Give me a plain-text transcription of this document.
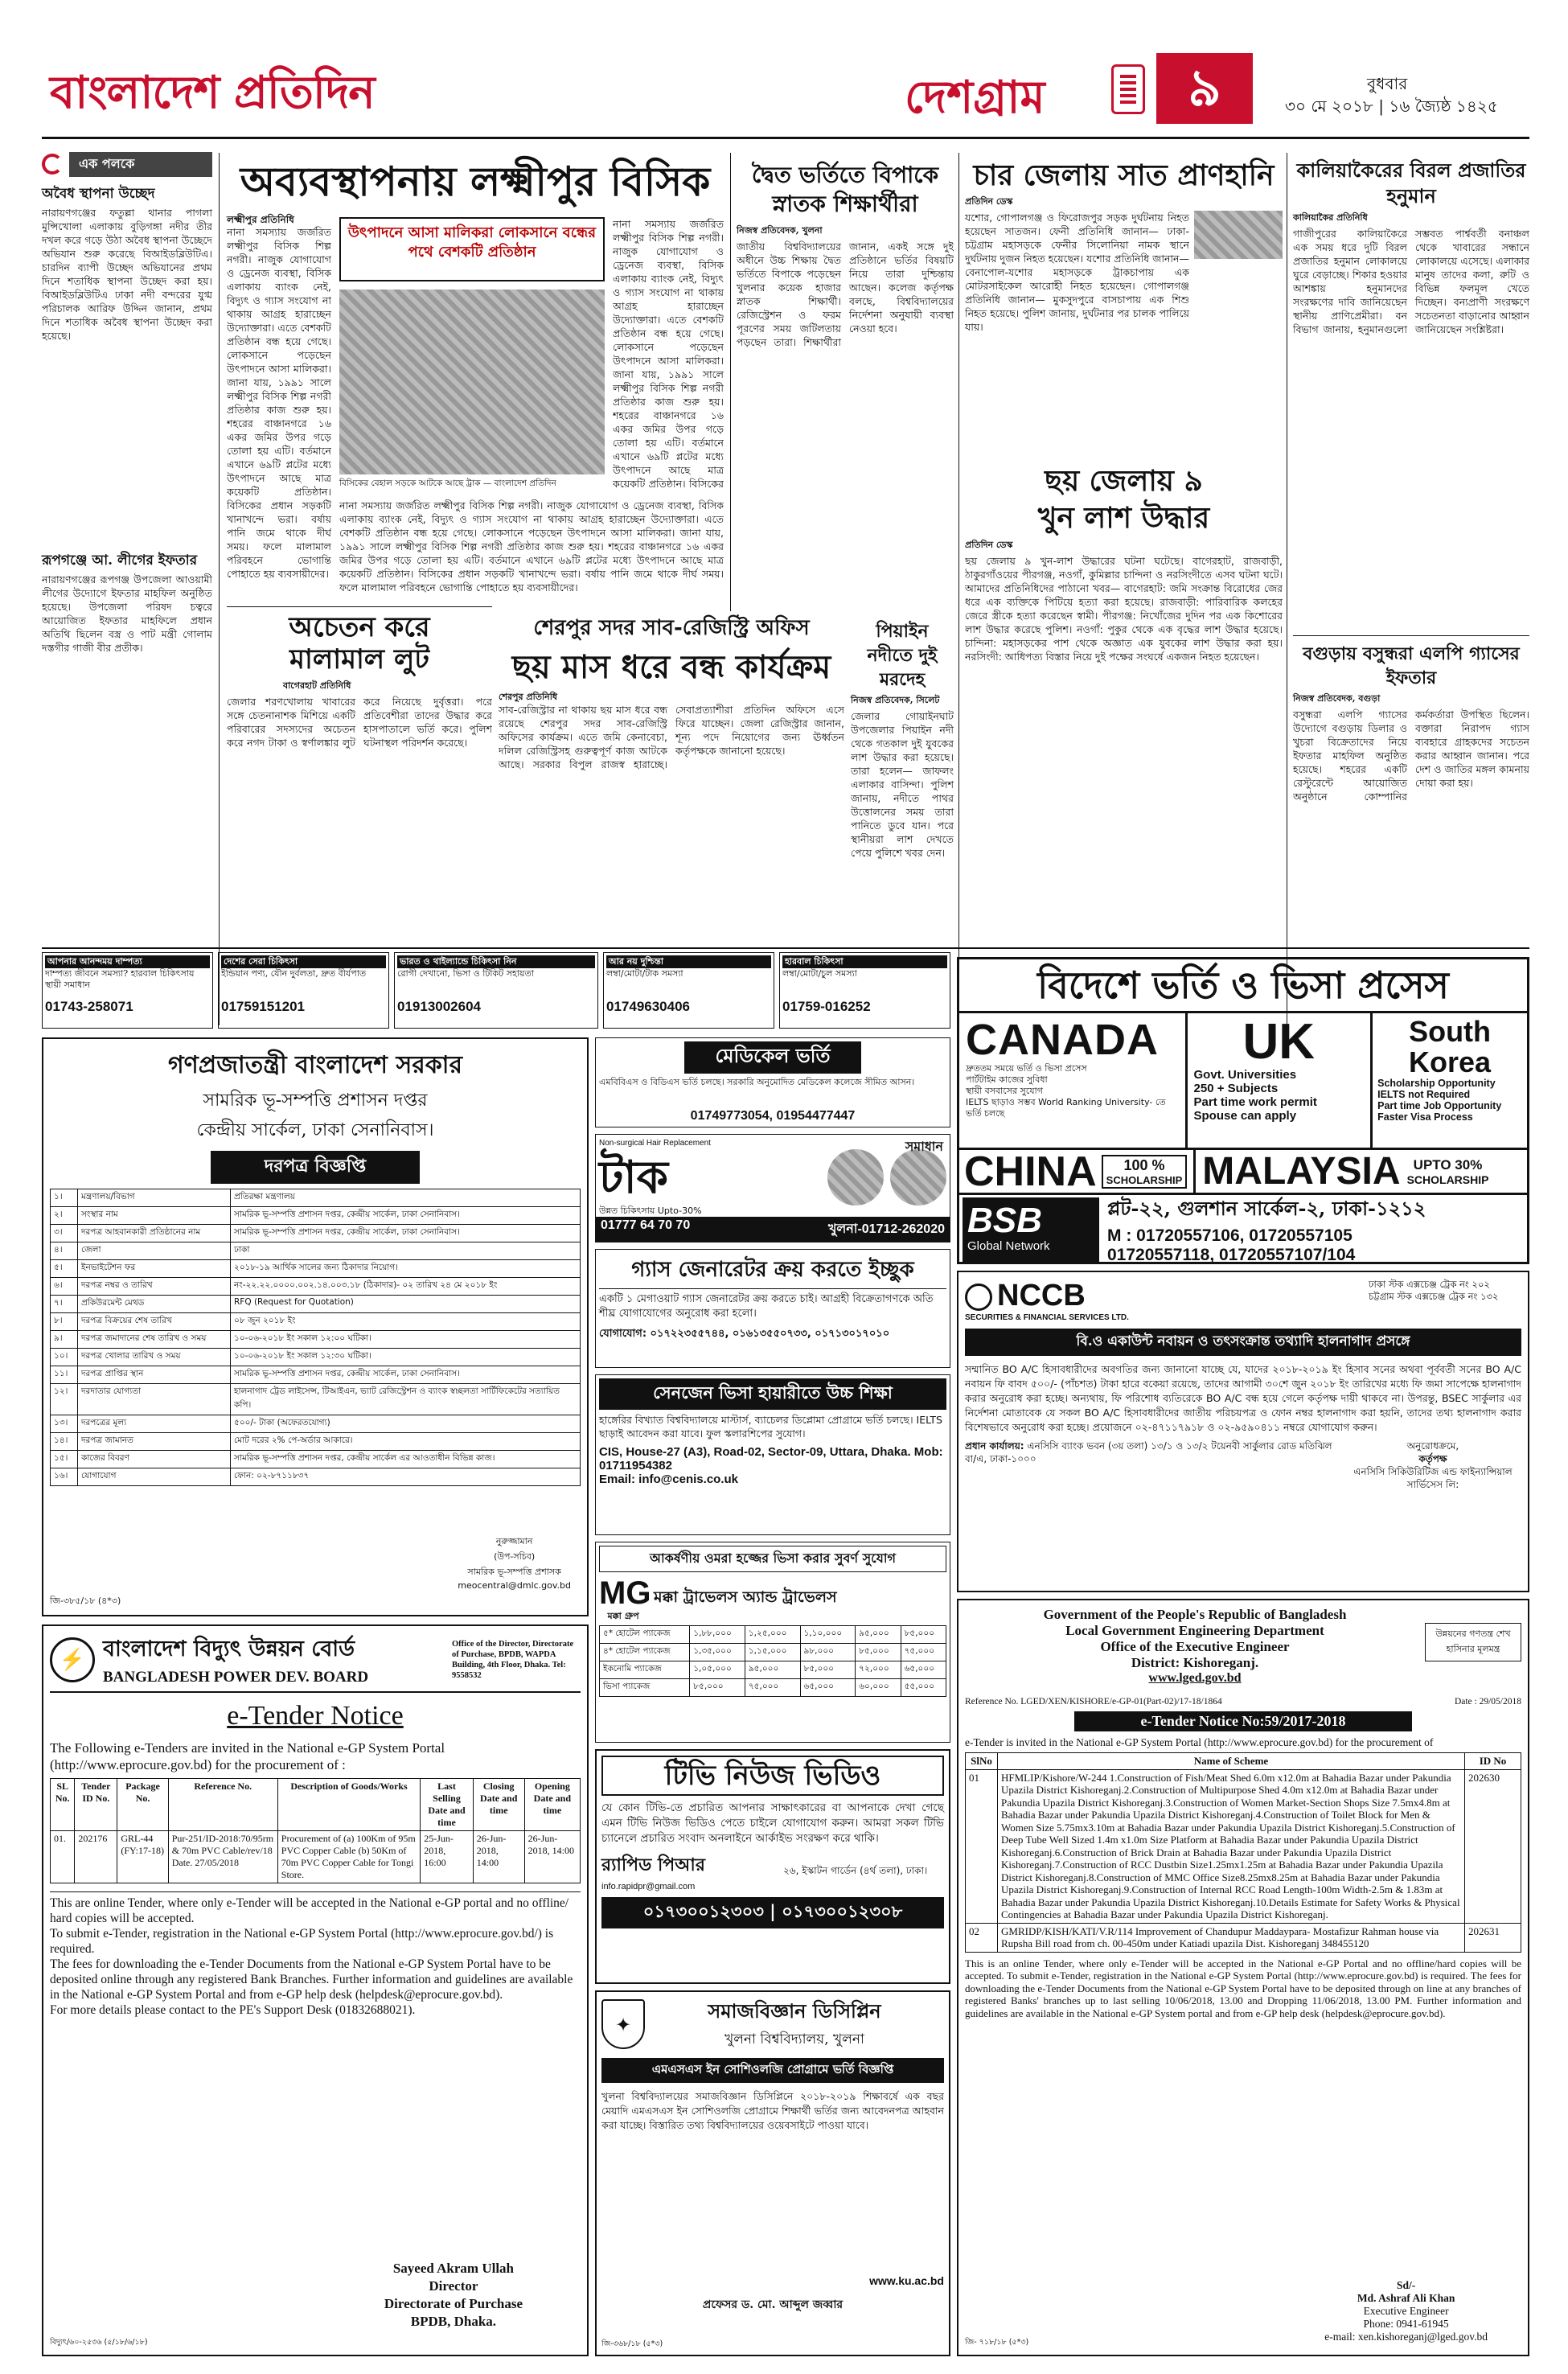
বাংলাদেশ প্রতিদিন	দেশগ্রাম	৯	বুধবার
৩০ মে ২০১৮ | ১৬ জ্যৈষ্ঠ ১৪২৫
এক পলকে
অবৈধ স্থাপনা উচ্ছেদ
নারায়ণগঞ্জের ফতুল্লা থানার পাগলা মুন্সিখোলা এলাকায় বুড়িগঙ্গা নদীর তীর দখল করে গড়ে উঠা অবৈধ স্থাপনা উচ্ছেদে অভিযান শুরু করেছে বিআইডব্লিউটিএ। চারদিন ব্যাপী উচ্ছেদ অভিযানের প্রথম দিনে শতাধিক স্থাপনা উচ্ছেদ করা হয়। বিআইডব্লিউটিএ ঢাকা নদী বন্দরের যুগ্ম পরিচালক আরিফ উদ্দিন জানান, প্রথম দিনে শতাধিক অবৈধ স্থাপনা উচ্ছেদ করা হয়েছে।
রূপগঞ্জে আ. লীগের ইফতার
নারায়ণগঞ্জের রূপগঞ্জ উপজেলা আওয়ামী লীগের উদ্যোগে ইফতার মাহফিল অনুষ্ঠিত হয়েছে। উপজেলা পরিষদ চত্বরে আয়োজিত ইফতার মাহফিলে প্রধান অতিথি ছিলেন বস্ত্র ও পাট মন্ত্রী গোলাম দস্তগীর গাজী বীর প্রতীক।
অব্যবস্থাপনায় লক্ষ্মীপুর বিসিক
লক্ষ্মীপুর প্রতিনিধি
নানা সমস্যায় জর্জরিত লক্ষ্মীপুর বিসিক শিল্প নগরী। নাজুক যোগাযোগ ও ড্রেনেজ ব্যবস্থা, বিসিক এলাকায় ব্যাংক নেই, বিদ্যুৎ ও গ্যাস সংযোগ না থাকায় আগ্রহ হারাচ্ছেন উদ্যোক্তারা। এতে বেশকটি প্রতিষ্ঠান বন্ধ হয়ে গেছে। লোকসানে পড়েছেন উৎপাদনে আসা মালিকরা। জানা যায়, ১৯৯১ সালে লক্ষ্মীপুর বিসিক শিল্প নগরী প্রতিষ্ঠার কাজ শুরু হয়। শহরের বাঞ্চানগরে ১৬ একর জমির উপর গড়ে তোলা হয় এটি। বর্তমানে এখানে ৬৯টি প্লটের মধ্যে উৎপাদনে আছে মাত্র কয়েকটি প্রতিষ্ঠান। বিসিকের প্রধান সড়কটি খানাখন্দে ভরা। বর্ষায় পানি জমে থাকে দীর্ঘ সময়। ফলে মালামাল পরিবহনে ভোগান্তি পোহাতে হয় ব্যবসায়ীদের।
উৎপাদনে আসা মালিকরা লোকসানে বন্ধের পথে বেশকটি প্রতিষ্ঠান
বিসিকের বেহাল সড়কে আটকে আছে ট্রাক — বাংলাদেশ প্রতিদিন
নানা সমস্যায় জর্জরিত লক্ষ্মীপুর বিসিক শিল্প নগরী। নাজুক যোগাযোগ ও ড্রেনেজ ব্যবস্থা, বিসিক এলাকায় ব্যাংক নেই, বিদ্যুৎ ও গ্যাস সংযোগ না থাকায় আগ্রহ হারাচ্ছেন উদ্যোক্তারা। এতে বেশকটি প্রতিষ্ঠান বন্ধ হয়ে গেছে। লোকসানে পড়েছেন উৎপাদনে আসা মালিকরা। জানা যায়, ১৯৯১ সালে লক্ষ্মীপুর বিসিক শিল্প নগরী প্রতিষ্ঠার কাজ শুরু হয়। শহরের বাঞ্চানগরে ১৬ একর জমির উপর গড়ে তোলা হয় এটি। বর্তমানে এখানে ৬৯টি প্লটের মধ্যে উৎপাদনে আছে মাত্র কয়েকটি প্রতিষ্ঠান। বিসিকের
নানা সমস্যায় জর্জরিত লক্ষ্মীপুর বিসিক শিল্প নগরী। নাজুক যোগাযোগ ও ড্রেনেজ ব্যবস্থা, বিসিক এলাকায় ব্যাংক নেই, বিদ্যুৎ ও গ্যাস সংযোগ না থাকায় আগ্রহ হারাচ্ছেন উদ্যোক্তারা। এতে বেশকটি প্রতিষ্ঠান বন্ধ হয়ে গেছে। লোকসানে পড়েছেন উৎপাদনে আসা মালিকরা। জানা যায়, ১৯৯১ সালে লক্ষ্মীপুর বিসিক শিল্প নগরী প্রতিষ্ঠার কাজ শুরু হয়। শহরের বাঞ্চানগরে ১৬ একর জমির উপর গড়ে তোলা হয় এটি। বর্তমানে এখানে ৬৯টি প্লটের মধ্যে উৎপাদনে আছে মাত্র কয়েকটি প্রতিষ্ঠান। বিসিকের প্রধান সড়কটি খানাখন্দে ভরা। বর্ষায় পানি জমে থাকে দীর্ঘ সময়। ফলে মালামাল পরিবহনে ভোগান্তি পোহাতে হয় ব্যবসায়ীদের।
অচেতন করে মালামাল লুট
বাগেরহাট প্রতিনিধি
জেলার শরণখোলায় খাবারের সঙ্গে চেতনানাশক মিশিয়ে একটি পরিবারের সদস্যদের অচেতন করে নগদ টাকা ও স্বর্ণালঙ্কার লুট করে নিয়েছে দুর্বৃত্তরা। পরে প্রতিবেশীরা তাদের উদ্ধার করে হাসপাতালে ভর্তি করে। পুলিশ ঘটনাস্থল পরিদর্শন করেছে।
শেরপুর সদর সাব-রেজিস্ট্রি অফিস
ছয় মাস ধরে বন্ধ কার্যক্রম
শেরপুর প্রতিনিধি
সাব-রেজিস্ট্রার না থাকায় ছয় মাস ধরে বন্ধ রয়েছে শেরপুর সদর সাব-রেজিস্ট্রি অফিসের কার্যক্রম। এতে জমি কেনাবেচা, দলিল রেজিস্ট্রিসহ গুরুত্বপূর্ণ কাজ আটকে আছে। সরকার বিপুল রাজস্ব হারাচ্ছে। সেবাপ্রত্যাশীরা প্রতিদিন অফিসে এসে ফিরে যাচ্ছেন। জেলা রেজিস্ট্রার জানান, শূন্য পদে নিয়োগের জন্য ঊর্ধ্বতন কর্তৃপক্ষকে জানানো হয়েছে।
দ্বৈত ভর্তিতে বিপাকে স্নাতক শিক্ষার্থীরা
নিজস্ব প্রতিবেদক, খুলনা
জাতীয় বিশ্ববিদ্যালয়ের অধীনে উচ্চ শিক্ষায় দ্বৈত ভর্তিতে বিপাকে পড়েছেন খুলনার কয়েক হাজার স্নাতক শিক্ষার্থী। রেজিস্ট্রেশন ও ফরম পূরণের সময় জটিলতায় পড়ছেন তারা। শিক্ষার্থীরা জানান, একই সঙ্গে দুই প্রতিষ্ঠানে ভর্তির বিষয়টি নিয়ে তারা দুশ্চিন্তায় আছেন। কলেজ কর্তৃপক্ষ বলছে, বিশ্ববিদ্যালয়ের নির্দেশনা অনুযায়ী ব্যবস্থা নেওয়া হবে।
পিয়াইন নদীতে দুই মরদেহ
নিজস্ব প্রতিবেদক, সিলেট
জেলার গোয়াইনঘাট উপজেলার পিয়াইন নদী থেকে গতকাল দুই যুবকের লাশ উদ্ধার করা হয়েছে। তারা হলেন— জাফলং এলাকার বাসিন্দা। পুলিশ জানায়, নদীতে পাথর উত্তোলনের সময় তারা পানিতে ডুবে যান। পরে স্থানীয়রা লাশ দেখতে পেয়ে পুলিশে খবর দেন।
চার জেলায় সাত প্রাণহানি
প্রতিদিন ডেস্ক
যশোর, গোপালগঞ্জ ও ফিরোজপুর সড়ক দুর্ঘটনায় নিহত হয়েছেন সাতজন। ফেনী প্রতিনিধি জানান— ঢাকা-চট্টগ্রাম মহাসড়কে ফেনীর সিলোনিয়া নামক স্থানে দুর্ঘটনায় দুজন নিহত হয়েছেন। যশোর প্রতিনিধি জানান— বেনাপোল-যশোর মহাসড়কে ট্রাকচাপায় এক মোটরসাইকেল আরোহী নিহত হয়েছেন। গোপালগঞ্জ প্রতিনিধি জানান— মুকসুদপুরে বাসচাপায় এক শিশু নিহত হয়েছে। পুলিশ জানায়, দুর্ঘটনার পর চালক পালিয়ে যায়।
ছয় জেলায় ৯ খুন লাশ উদ্ধার
প্রতিদিন ডেস্ক
ছয় জেলায় ৯ খুন-লাশ উদ্ধারের ঘটনা ঘটেছে। বাগেরহাট, রাজবাড়ী, ঠাকুরগাঁওয়ের পীরগঞ্জ, নওগাঁ, কুমিল্লার চান্দিনা ও নরসিংদীতে এসব ঘটনা ঘটে। আমাদের প্রতিনিধিদের পাঠানো খবর— বাগেরহাট: জমি সংক্রান্ত বিরোধের জের ধরে এক ব্যক্তিকে পিটিয়ে হত্যা করা হয়েছে। রাজবাড়ী: পারিবারিক কলহের জেরে স্ত্রীকে হত্যা করেছেন স্বামী। পীরগঞ্জ: নিখোঁজের দুদিন পর এক কিশোরের লাশ উদ্ধার করেছে পুলিশ। নওগাঁ: পুকুর থেকে এক বৃদ্ধের লাশ উদ্ধার হয়েছে। চান্দিনা: মহাসড়কের পাশ থেকে অজ্ঞাত এক যুবকের লাশ উদ্ধার করা হয়। নরসিংদী: আধিপত্য বিস্তার নিয়ে দুই পক্ষের সংঘর্ষে একজন নিহত হয়েছেন।
কালিয়াকৈরের বিরল প্রজাতির হনুমান
কালিয়াকৈর প্রতিনিধি
গাজীপুরের কালিয়াকৈরে এক সময় ধরে দুটি বিরল প্রজাতির হনুমান লোকালয়ে ঘুরে বেড়াচ্ছে। শিকার হওয়ার আশঙ্কায় হনুমানদের সংরক্ষণের দাবি জানিয়েছেন স্থানীয় প্রাণিপ্রেমীরা। বন বিভাগ জানায়, হনুমানগুলো সম্ভবত পার্শ্ববর্তী বনাঞ্চল থেকে খাবারের সন্ধানে লোকালয়ে এসেছে। এলাকার মানুষ তাদের কলা, রুটি ও বিভিন্ন ফলমূল খেতে দিচ্ছেন। বন্যপ্রাণী সংরক্ষণে সচেতনতা বাড়ানোর আহ্বান জানিয়েছেন সংশ্লিষ্টরা।
বগুড়ায় বসুন্ধরা এলপি গ্যাসের ইফতার
নিজস্ব প্রতিবেদক, বগুড়া
বসুন্ধরা এলপি গ্যাসের উদ্যোগে বগুড়ায় ডিলার ও খুচরা বিক্রেতাদের নিয়ে ইফতার মাহফিল অনুষ্ঠিত হয়েছে। শহরের একটি রেস্টুরেন্টে আয়োজিত অনুষ্ঠানে কোম্পানির কর্মকর্তারা উপস্থিত ছিলেন। বক্তারা নিরাপদ গ্যাস ব্যবহারে গ্রাহকদের সচেতন করার আহ্বান জানান। পরে দেশ ও জাতির মঙ্গল কামনায় দোয়া করা হয়।
আপনার আনন্দময় দাম্পত্য
দাম্পত্য জীবনে সমস্যা? হারবাল চিকিৎসায় স্থায়ী সমাধান
01743-258071
দেশের সেরা চিকিৎসা
ইন্ডিয়ান পণ্য, যৌন দুর্বলতা, দ্রুত বীর্যপাত
01759151201
ভারত ও থাইল্যান্ডে চিকিৎসা নিন
রোগী দেখানো, ভিসা ও টিকিট সহায়তা
01913002604
আর নয় দুশ্চিন্তা
লম্বা/মোটা/টাক সমস্যা
01749630406
হারবাল চিকিৎসা
লম্বা/মোটা/চুল সমস্যা
01759-016252	বিদেশে ভর্তি ও ভিসা প্রসেস
CANADA
দ্রুততম সময়ে ভর্তি ও ভিসা প্রসেস
পার্টটাইম কাজের সুবিধা
স্থায়ী বসবাসের সুযোগ
IELTS ছাড়াও সম্ভব World Ranking University- তে ভর্তি চলছে
UK
Govt. Universities
250 + Subjects
Part time work permit
Spouse can apply
South
Korea
Scholarship Opportunity
IELTS not Required
Part time Job Opportunity
Faster Visa Process
CHINA	100 %
SCHOLARSHIP MALAYSIA UPTO 30%
SCHOLARSHIP
BSB
Global Network
প্লট-২২, গুলশান সার্কেল-২, ঢাকা-১২১২
M : 01720557106, 01720557105
01720557118, 01720557107/104
গণপ্রজাতন্ত্রী বাংলাদেশ সরকার
সামরিক ভূ-সম্পত্তি প্রশাসন দপ্তর
কেন্দ্রীয় সার্কেল, ঢাকা সেনানিবাস।
দরপত্র বিজ্ঞপ্তি
১।	মন্ত্রণালয়/বিভাগ	প্রতিরক্ষা মন্ত্রণালয়
২।	সংস্থার নাম	সামরিক ভূ-সম্পত্তি প্রশাসন দপ্তর, কেন্দ্রীয় সার্কেল, ঢাকা সেনানিবাস।
৩।	দরপত্র আহবানকারী প্রতিষ্ঠানের নাম	সামরিক ভূ-সম্পত্তি প্রশাসন দপ্তর, কেন্দ্রীয় সার্কেল, ঢাকা সেনানিবাস।
৪।	জেলা	ঢাকা
৫।	ইনভাইটেশন ফর	২০১৮-১৯ আর্থিক সালের জন্য ঠিকাদার নিয়োগ।
৬।	দরপত্র নম্বর ও তারিখ	নং-২২.২২.০০০০.০০২.১৪.০০৩.১৮ (ঠিকাদার)- ০২ তারিখ ২৪ মে ২০১৮ ইং
৭।	প্রকিউরমেন্ট মেথড	RFQ (Request for Quotation)
৮।	দরপত্র বিক্রয়ের শেষ তারিখ	০৮ জুন ২০১৮ ইং
৯।	দরপত্র জমাদানের শেষ তারিখ ও সময়	১০-০৬-২০১৮ ইং সকাল ১২:০০ ঘটিকা।
১০।	দরপত্র খোলার তারিখ ও সময়	১০-০৬-২০১৮ ইং সকাল ১২:৩০ ঘটিকা।
১১।	দরপত্র প্রাপ্তির স্থান	সামরিক ভূ-সম্পত্তি প্রশাসন দপ্তর, কেন্দ্রীয় সার্কেল, ঢাকা সেনানিবাস।
১২।	দরদাতার যোগ্যতা	হালনাগাদ ট্রেড লাইসেন্স, টিআইএন, ভ্যাট রেজিস্ট্রেশন ও ব্যাংক স্বচ্ছলতা সার্টিফিকেটের সত্যায়িত কপি।
১৩।	দরপত্রের মূল্য	৫০০/- টাকা (অফেরতযোগ্য)
১৪।	দরপত্র জামানত	মোট দরের ২% পে-অর্ডার আকারে।
১৫।	কাজের বিবরণ	সামরিক ভূ-সম্পত্তি প্রশাসন দপ্তর, কেন্দ্রীয় সার্কেল এর আওতাধীন বিভিন্ন কাজ।
১৬।	যোগাযোগ	ফোন: ০২-৮৭১১৮৩৭
নুরুজ্জামান
(উপ-সচিব)
সামরিক ভূ-সম্পত্তি প্রশাসক
meocentral@dmlc.gov.bd
জি-৩৮৫/১৮ (৪*৩)
⚡ বাংলাদেশ বিদ্যুৎ উন্নয়ন বোর্ড
BANGLADESH POWER DEV. BOARD
Office of the Director, Directorate of Purchase, BPDB, WAPDA Building, 4th Floor, Dhaka. Tel: 9558532
e-Tender Notice
The Following e-Tenders are invited in the National e-GP System Portal (http://www.eprocure.gov.bd) for the procurement of :
SL No.	Tender ID No.	Package No.	Reference No.	Description of Goods/Works	Last Selling Date and time	Closing Date and time	Opening Date and time
01.	202176	GRL-44 (FY:17-18)	Pur-251/ID-2018:70/95rm & 70m PVC Cable/rev/18 Date. 27/05/2018	Procurement of (a) 100Km of 95m PVC Copper Cable (b) 50Km of 70m PVC Copper Cable for Tongi Store.	25-Jun-2018, 16:00	26-Jun-2018, 14:00	26-Jun-2018, 14:00

This are online Tender, where only e-Tender will be accepted in the National e-GP portal and no offline/ hard copies will be accepted.

To submit e-Tender, registration in the National e-GP System Portal (http://www.eprocure.gov.bd/) is required.

The fees for downloading the e-Tender Documents from the National e-GP System Portal have to be deposited online through any registered Bank Branches. Further information and guidelines are available in the National e-GP System Portal and from e-GP help desk (helpdesk@eprocure.gov.bd).

For more details please contact to the PE's Support Desk (01832688021).

Sayeed Akram Ullah
Director
Directorate of Purchase
BPDB, Dhaka.
বিদ্যুৎ/৬০-২৫৩৬ (৫/১৮/৬/১৮)
মেডিকেল ভর্তি
এমবিবিএস ও বিডিএস ভর্তি চলছে। সরকারি অনুমোদিত মেডিকেল কলেজে সীমিত আসন।
01749773054, 01954477447
Non-surgical Hair Replacement
টাক
উন্নত চিকিৎসায় Upto-30%
সমাধান
01777 64 70 70	খুলনা-01712-262020
গ্যাস জেনারেটর ক্রয় করতে ইচ্ছুক
একটি ১ মেগাওয়াট গ্যাস জেনারেটর ক্রয় করতে চাই। আগ্রহী বিক্রেতাগণকে অতি শীঘ্র যোগাযোগের অনুরোধ করা হলো।
যোগাযোগ: ০১৭২২৩৫৫৭৪৪, ০১৬১৩৫৫০৭৩৩, ০১৭১৩০১৭০১০
সেনজেন ভিসা হায়ারীতে উচ্চ শিক্ষা
হাঙ্গেরির বিখ্যাত বিশ্ববিদ্যালয়ে মাস্টার্স, ব্যাচেলর ডিপ্লোমা প্রোগ্রামে ভর্তি চলছে। IELTS ছাড়াই আবেদন করা যাবে। ফুল স্কলারশিপের সুযোগ।
CIS, House-27 (A3), Road-02, Sector-09, Uttara, Dhaka. Mob: 01711954382
Email: info@cenis.co.uk
আকর্ষণীয় ওমরা হজ্জের ভিসা করার সুবর্ণ সুযোগ
MG
মক্কা গ্রুপ
মক্কা ট্রাভেলস অ্যান্ড ট্রাভেলস
৫* হোটেল প্যাকেজ	১,৮৮,০০০	১,২৫,০০০	১,১০,০০০	৯৫,০০০	৮৫,০০০
৪* হোটেল প্যাকেজ	১,৩৫,০০০	১,১৫,০০০	৯৮,০০০	৮৫,০০০	৭৫,০০০
ইকনোমি প্যাকেজ	১,০৫,০০০	৯৫,০০০	৮৫,০০০	৭২,০০০	৬৫,০০০
ভিসা প্যাকেজ	৮৫,০০০	৭৫,০০০	৬৫,০০০	৬০,০০০	৫৫,০০০
টিভি নিউজ ভিডিও
যে কোন টিভি-তে প্রচারিত আপনার সাক্ষাৎকারের বা আপনাকে দেখা গেছে এমন টিভি নিউজ ভিডিও পেতে চাইলে যোগাযোগ করুন। আমরা সকল টিভি চ্যানেলে প্রচারিত সংবাদ অনলাইনে আর্কাইভ সংরক্ষণ করে থাকি।
র‍্যাপিড পিআর
info.rapidpr@gmail.com
২৬, ইস্কাটন গার্ডেন (৪র্থ তলা), ঢাকা।
০১৭৩০০১২৩০৩ | ০১৭৩০০১২৩০৮
✦
সমাজবিজ্ঞান ডিসিপ্লিন
খুলনা বিশ্ববিদ্যালয়, খুলনা
এমএসএস ইন সোশিওলজি প্রোগ্রামে ভর্তি বিজ্ঞপ্তি
খুলনা বিশ্ববিদ্যালয়ের সমাজবিজ্ঞান ডিসিপ্লিনে ২০১৮-২০১৯ শিক্ষাবর্ষে এক বছর মেয়াদি এমএসএস ইন সোশিওলজি প্রোগ্রামে শিক্ষার্থী ভর্তির জন্য আবেদনপত্র আহবান করা যাচ্ছে। বিস্তারিত তথ্য বিশ্ববিদ্যালয়ের ওয়েবসাইটে পাওয়া যাবে।
www.ku.ac.bd
প্রফেসর ড. মো. আব্দুল জব্বার
জি-৩৬৮/১৮ (৫*৩)
NCCB
SECURITIES & FINANCIAL SERVICES LTD.
ঢাকা স্টক এক্সচেঞ্জ ট্রেক নং ২০২
চট্টগ্রাম স্টক এক্সচেঞ্জ ট্রেক নং ১৩২
বি.ও একাউন্ট নবায়ন ও তৎসংক্রান্ত তথ্যাদি হালনাগাদ প্রসঙ্গে
সম্মানিত BO A/C হিসাবধারীদের অবগতির জন্য জানানো যাচ্ছে যে, যাদের ২০১৮-২০১৯ ইং হিসাব সনের অথবা পূর্ববর্তী সনের BO A/C নবায়ন ফি বাবদ ৫০০/- (পাঁচশত) টাকা হারে বকেয়া রয়েছে, তাদের আগামী ৩০শে জুন ২০১৮ ইং তারিখের মধ্যে ফি জমা সাপেক্ষে হালনাগাদ করার অনুরোধ করা হচ্ছে। অন্যথায়, ফি পরিশোধ ব্যতিরেকে BO A/C বন্ধ হয়ে গেলে কর্তৃপক্ষ দায়ী থাকবে না। উপরন্তু, BSEC সার্কুলার এর নির্দেশনা মোতাবেক যে সকল BO A/C হিসাবধারীদের জাতীয় পরিচয়পত্র ও ফোন নম্বর হালনাগাদ করা হয়নি, তাদের তথ্য হালনাগাদ করার বিশেষভাবে অনুরোধ করা হচ্ছে। প্রয়োজনে ০২-৪৭১১৭৯১৮ ও ০২-৯৫৯০৪১১ নম্বরে যোগাযোগ করুন।
প্রধান কার্যালয়: এনসিসি ব্যাংক ভবন (৩য় তলা) ১৩/১ ও ১৩/২ টয়েনবী সার্কুলার রোড মতিঝিল বা/এ, ঢাকা-১০০০
অনুরোধক্রমে,
কর্তৃপক্ষ
এনসিসি সিকিউরিটিজ এন্ড ফাইন্যান্সিয়াল সার্ভিসেস লি:
Government of the People's Republic of Bangladesh
Local Government Engineering Department
Office of the Executive Engineer
District: Kishoreganj.
www.lged.gov.bd
উন্নয়নের গণতন্ত্র শেখ হাসিনার মূলমন্ত্র
Reference No. LGED/XEN/KISHORE/e-GP-01(Part-02)/17-18/1864	Date : 29/05/2018
e-Tender Notice No:59/2017-2018
e-Tender is invited in the National e-GP System Portal (http://www.eprocure.gov.bd) for the procurement of
SlNo	Name of Scheme	ID No
01	HFMLIP/Kishore/W-244 1.Construction of Fish/Meat Shed 6.0m x12.0m at Bahadia Bazar under Pakundia Upazila District Kishoreganj.2.Construction of Multipurpose Shed 4.0m x12.0m at Bahadia Bazar under Pakundia Upazila District Kishoreganj.3.Construction of Women Market-Section Shops Size 7.5mx4.8m at Bahadia Bazar under Pakundia Upazila District Kishoreganj.4.Construction of Toilet Block for Men & Women Size 5.75mx3.10m at Bahadia Bazar under Pakundia Upazila District Kishoreganj.5.Construction of Deep Tube Well Sized 1.4m x1.0m Size Platform at Bahadia Bazar under Pakundia Upazila District Kishoreganj.6.Construction of Brick Drain at Bahadia Bazar under Pakundia Upazila District Kishoreganj.7.Construction of RCC Dustbin Size1.25mx1.25m at Bahadia Bazar under Pakundia Upazila District Kishoreganj.8.Construction of MMC Office Size8.25mx8.25m at Bahadia Bazar under Pakundia Upazila District Kishoreganj.9.Construction of Internal RCC Road Length-100m Width-2.5m & 1.83m at Bahadia Bazar under Pakundia Upazila District Kishoreganj.10.Details Estimate for Safety Works & Physical Contingencies at Bahadia Bazar under Pakundia Upazila District Kishoreganj.	202630
02	GMRIDP/KISH/KATI/V.R/114 Improvement of Chandupur Maddaypara- Mostafizur Rahman house via Rupsha Bill road from ch. 00-450m under Katiadi upazila Dist. Kishoreganj 348455120	202631
This is an online Tender, where only e-Tender will be accepted in the National e-GP Portal and no offline/hard copies will be accepted. To submit e-Tender, registration in the National e-GP System Portal (http://www.eprocure.gov.bd) is required. The fees for downloading the e-Tender Documents from the National e-GP System Portal have to be deposited through on line at any branches of registered Banks' branches up to last selling 10/06/2018, 13.00 and Dropping 11/06/2018, 13.00 PM. Further information and guidelines are available in the National e-GP System portal and from e-GP help desk (helpdesk@eprocure.gov.bd).
Sd/-
Md. Ashraf Ali Khan
Executive Engineer
Phone: 0941-61945
e-mail: xen.kishoreganj@lged.gov.bd
জি- ৭১৮/১৮ (৫*৩)
